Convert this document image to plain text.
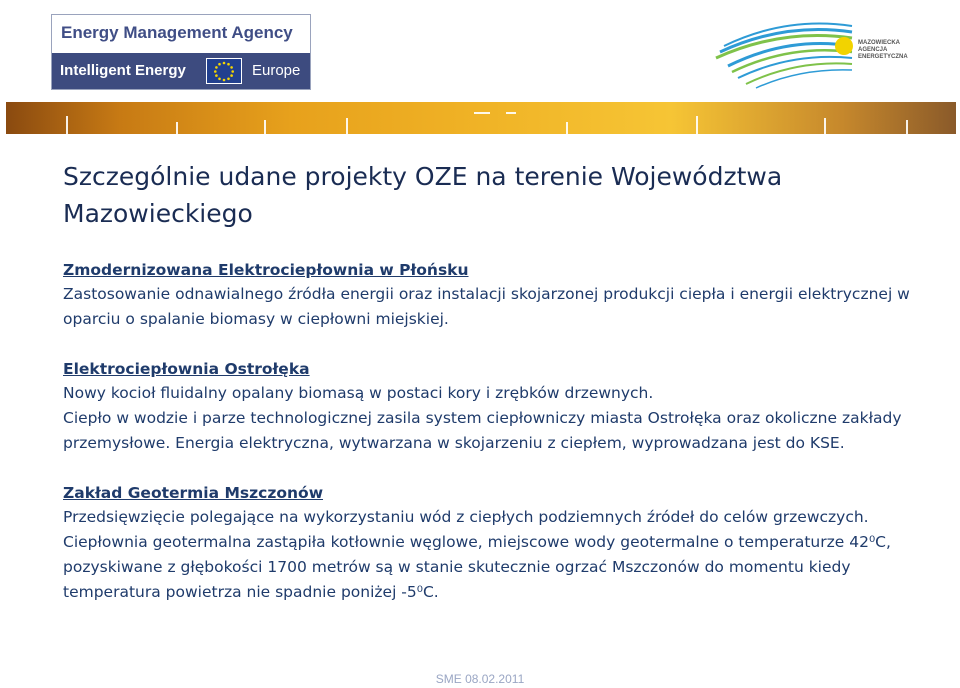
Energy Management Agency
Intelligent Energy	Europe
MAZOWIECKA
AGENCJA
ENERGETYCZNA
Szczególnie udane projekty OZE na terenie Województwa Mazowieckiego
Zmodernizowana Elektrociepłownia w Płońsku
Zastosowanie odnawialnego źródła energii oraz instalacji skojarzonej produkcji ciepła i energii elektrycznej w oparciu o spalanie biomasy w ciepłowni miejskiej.
Elektrociepłownia Ostrołęka
Nowy kocioł fluidalny opalany biomasą w postaci kory i zrębków drzewnych.
Ciepło w wodzie i parze technologicznej zasila system ciepłowniczy miasta Ostrołęka oraz okoliczne zakłady przemysłowe. Energia elektryczna, wytwarzana w skojarzeniu z ciepłem, wyprowadzana jest do KSE.
Zakład Geotermia Mszczonów
Przedsięwzięcie polegające na wykorzystaniu wód z ciepłych podziemnych źródeł do celów grzewczych.
Ciepłownia geotermalna zastąpiła kotłownie węglowe, miejscowe wody geotermalne o temperaturze 42⁰C, pozyskiwane z głębokości 1700 metrów są w stanie skutecznie ogrzać Mszczonów do momentu kiedy temperatura powietrza nie spadnie poniżej -5⁰C.
SME 08.02.2011
